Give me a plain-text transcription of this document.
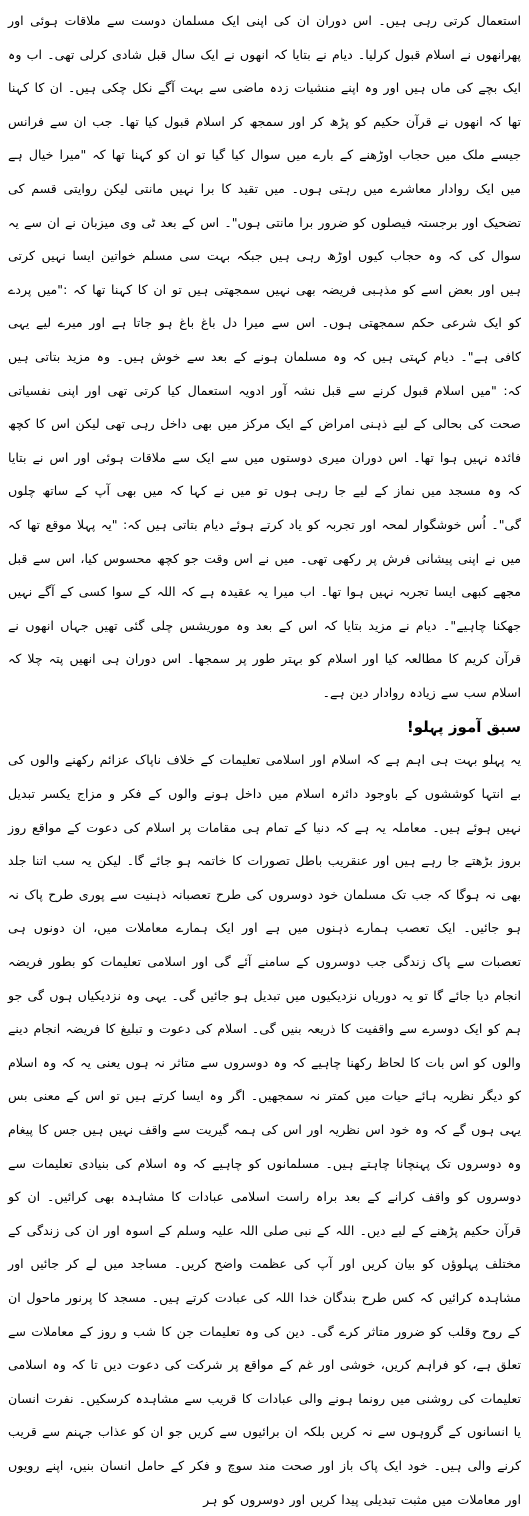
استعمال کرتی رہی ہیں۔ اس دوران ان کی اپنی ایک مسلمان دوست سے ملاقات ہوئی اور پھرانھوں نے اسلام قبول کرلیا۔ دیام نے بتایا کہ انھوں نے ایک سال قبل شادی کرلی تھی۔ اب وہ ایک بچے کی ماں ہیں اور وہ اپنے منشیات زدہ ماضی سے بہت آگے نکل چکی ہیں۔ ان کا کہنا تھا کہ انھوں نے قرآن حکیم کو پڑھ کر اور سمجھ کر اسلام قبول کیا تھا۔ جب ان سے فرانس جیسے ملک میں حجاب اوڑھنے کے بارے میں سوال کیا گیا تو ان کو کہنا تھا کہ "میرا خیال ہے میں ایک روادار معاشرے میں رہتی ہوں۔ میں تقید کا برا نہیں مانتی لیکن روایتی قسم کی تضحیک اور برجستہ فیصلوں کو ضرور برا مانتی ہوں"۔ اس کے بعد ٹی وی میزبان نے ان سے یہ سوال کی کہ وہ حجاب کیوں اوڑھ رہی ہیں جبکہ بہت سی مسلم خواتین ایسا نہیں کرتی ہیں اور بعض اسے کو مذہبی فریضہ بھی نہیں سمجھتی ہیں تو ان کا کہنا تھا کہ :"میں پردے کو ایک شرعی حکم سمجھتی ہوں۔ اس سے میرا دل باغ باغ ہو جاتا ہے اور میرے لیے یہی کافی ہے"۔ دیام کہتی ہیں کہ وہ مسلمان ہونے کے بعد سے خوش ہیں۔ وہ مزید بتاتی ہیں کہ: "میں اسلام قبول کرنے سے قبل نشہ آور ادویہ استعمال کیا کرتی تھی اور اپنی نفسیاتی صحت کی بحالی کے لیے ذہنی امراض کے ایک مرکز میں بھی داخل رہی تھی لیکن اس کا کچھ فائدہ نہیں ہوا تھا۔ اس دوران میری دوستوں میں سے ایک سے ملاقات ہوئی اور اس نے بتایا کہ وہ مسجد میں نماز کے لیے جا رہی ہوں تو میں نے کہا کہ میں بھی آپ کے ساتھ چلوں گی"۔ اُس خوشگوار لمحہ اور تجربہ کو یاد کرتے ہوئے دیام بتاتی ہیں کہ: "یہ پہلا موقع تھا کہ میں نے اپنی پیشانی فرش پر رکھی تھی۔ میں نے اس وقت جو کچھ محسوس کیا، اس سے قبل مجھے کبھی ایسا تجربہ نہیں ہوا تھا۔ اب میرا یہ عقیدہ ہے کہ اللہ کے سوا کسی کے آگے نہیں جھکنا چاہیے"۔ دیام نے مزید بتایا کہ اس کے بعد وہ موریشس چلی گئی تھیں جہاں انھوں نے قرآن کریم کا مطالعہ کیا اور اسلام کو بہتر طور پر سمجھا۔ اس دوران ہی انھیں پتہ چلا کہ اسلام سب سے زیادہ روادار دین ہے۔

سبق آموز پہلو!

یہ پہلو بہت ہی اہم ہے کہ اسلام اور اسلامی تعلیمات کے خلاف ناپاک عزائم رکھنے والوں کی بے انتہا کوششوں کے باوجود دائرہ اسلام میں داخل ہونے والوں کے فکر و مزاج یکسر تبدیل نہیں ہوئے ہیں۔ معاملہ یہ ہے کہ دنیا کے تمام ہی مقامات پر اسلام کی دعوت کے مواقع روز بروز بڑھتے جا رہے ہیں اور عنقریب باطل تصورات کا خاتمہ ہو جائے گا۔ لیکن یہ سب اتنا جلد بھی نہ ہوگا کہ جب تک مسلمان خود دوسروں کی طرح تعصبانہ ذہنیت سے پوری طرح پاک نہ ہو جائیں۔ ایک تعصب ہمارے ذہنوں میں ہے اور ایک ہمارے معاملات میں، ان دونوں ہی تعصبات سے پاک زندگی جب دوسروں کے سامنے آئے گی اور اسلامی تعلیمات کو بطور فریضہ انجام دیا جائے گا تو یہ دوریاں نزدیکیوں میں تبدیل ہو جائیں گی۔ یہی وہ نزدیکیاں ہوں گی جو ہم کو ایک دوسرے سے واقفیت کا ذریعہ بنیں گی۔ اسلام کی دعوت و تبلیغ کا فریضہ انجام دینے والوں کو اس بات کا لحاظ رکھنا چاہیے کہ وہ دوسروں سے متاثر نہ ہوں یعنی یہ کہ وہ اسلام کو دیگر نظریہ ہائے حیات میں کمتر نہ سمجھیں۔ اگر وہ ایسا کرتے ہیں تو اس کے معنی بس یہی ہوں گے کہ وہ خود اس نظریہ اور اس کی ہمہ گیریت سے واقف نہیں ہیں جس کا پیغام وہ دوسروں تک پہنچانا چاہتے ہیں۔ مسلمانوں کو چاہیے کہ وہ اسلام کی بنیادی تعلیمات سے دوسروں کو واقف کرانے کے بعد براہ راست اسلامی عبادات کا مشاہدہ بھی کرائیں۔ ان کو قرآن حکیم پڑھنے کے لیے دیں۔ اللہ کے نبی صلی اللہ علیہ وسلم کے اسوہ اور ان کی زندگی کے مختلف پہلوؤں کو بیان کریں اور آپ کی عظمت واضح کریں۔ مساجد میں لے کر جائیں اور مشاہدہ کرائیں کہ کس طرح بندگان خدا اللہ کی عبادت کرتے ہیں۔ مسجد کا پرنور ماحول ان کے روح وقلب کو ضرور متاثر کرے گی۔ دین کی وہ تعلیمات جن کا شب و روز کے معاملات سے تعلق ہے، کو فراہم کریں، خوشی اور غم کے مواقع پر شرکت کی دعوت دیں تا کہ وہ اسلامی تعلیمات کی روشنی میں رونما ہونے والی عبادات کا قریب سے مشاہدہ کرسکیں۔ نفرت انسان یا انسانوں کے گروہوں سے نہ کریں بلکہ ان برائیوں سے کریں جو ان کو عذاب جہنم سے قریب کرنے والی ہیں۔ خود ایک پاک باز اور صحت مند سوچ و فکر کے حامل انسان بنیں، اپنے رویوں اور معاملات میں مثبت تبدیلی پیدا کریں اور دوسروں کو ہر
